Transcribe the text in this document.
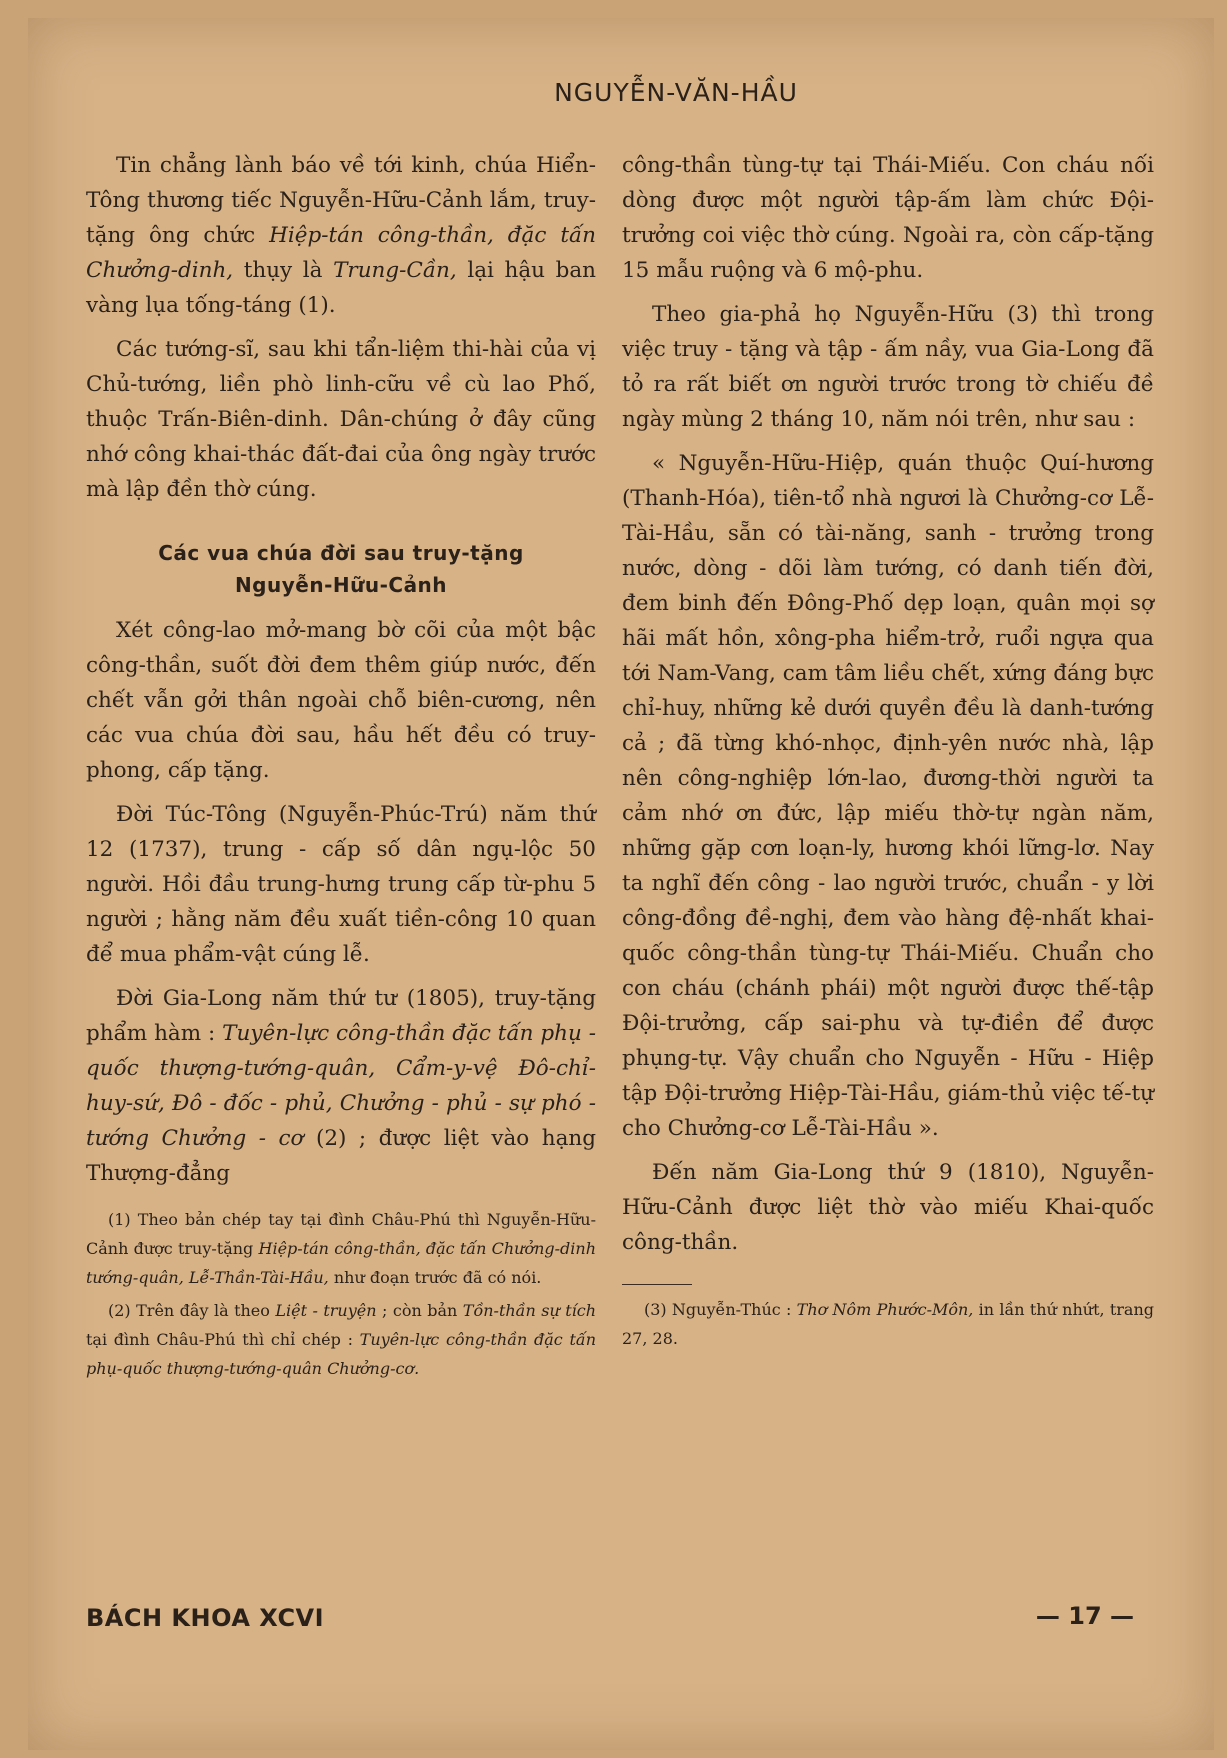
NGUYỄN-VĂN-HẦU

Tin chẳng lành báo về tới kinh, chúa Hiển-Tông thương tiếc Nguyễn-Hữu-Cảnh lắm, truy-tặng ông chức Hiệp-tán công-thần, đặc tấn Chưởng-dinh, thụy là Trung-Cần, lại hậu ban vàng lụa tống-táng (1).

Các tướng-sĩ, sau khi tẩn-liệm thi-hài của vị Chủ-tướng, liền phò linh-cữu về cù lao Phố, thuộc Trấn-Biên-dinh. Dân-chúng ở đây cũng nhớ công khai-thác đất-đai của ông ngày trước mà lập đền thờ cúng.

Các vua chúa đời sau truy-tặng
Nguyễn-Hữu-Cảnh

Xét công-lao mở-mang bờ cõi của một bậc công-thần, suốt đời đem thêm giúp nước, đến chết vẫn gởi thân ngoài chỗ biên-cương, nên các vua chúa đời sau, hầu hết đều có truy-phong, cấp tặng.

Đời Túc-Tông (Nguyễn-Phúc-Trú) năm thứ 12 (1737), trung - cấp số dân ngụ-lộc 50 người. Hồi đầu trung-hưng trung cấp từ-phu 5 người ; hằng năm đều xuất tiền-công 10 quan để mua phẩm-vật cúng lễ.

Đời Gia-Long năm thứ tư (1805), truy-tặng phẩm hàm : Tuyên-lực công-thần đặc tấn phụ - quốc thượng-tướng-quân, Cẩm-y-vệ Đô-chỉ-huy-sứ, Đô - đốc - phủ, Chưởng - phủ - sự phó - tướng Chưởng - cơ (2) ; được liệt vào hạng Thượng-đẳng

(1) Theo bản chép tay tại đình Châu-Phú thì Nguyễn-Hữu-Cảnh được truy-tặng Hiệp-tán công-thần, đặc tấn Chưởng-dinh tướng-quân, Lễ-Thần-Tài-Hầu, như đoạn trước đã có nói.

(2) Trên đây là theo Liệt - truyện ; còn bản Tồn-thần sự tích tại đình Châu-Phú thì chỉ chép : Tuyên-lực công-thần đặc tấn phụ-quốc thượng-tướng-quân Chưởng-cơ.

công-thần tùng-tự tại Thái-Miếu. Con cháu nối dòng được một người tập-ấm làm chức Đội-trưởng coi việc thờ cúng. Ngoài ra, còn cấp-tặng 15 mẫu ruộng và 6 mộ-phu.

Theo gia-phả họ Nguyễn-Hữu (3) thì trong việc truy - tặng và tập - ấm nầy, vua Gia-Long đã tỏ ra rất biết ơn người trước trong tờ chiếu đề ngày mùng 2 tháng 10, năm nói trên, như sau :

« Nguyễn-Hữu-Hiệp, quán thuộc Quí-hương (Thanh-Hóa), tiên-tổ nhà ngươi là Chưởng-cơ Lễ-Tài-Hầu, sẵn có tài-năng, sanh - trưởng trong nước, dòng - dõi làm tướng, có danh tiến đời, đem binh đến Đông-Phố dẹp loạn, quân mọi sợ hãi mất hồn, xông-pha hiểm-trở, ruổi ngựa qua tới Nam-Vang, cam tâm liều chết, xứng đáng bực chỉ-huy, những kẻ dưới quyền đều là danh-tướng cả ; đã từng khó-nhọc, định-yên nước nhà, lập nên công-nghiệp lớn-lao, đương-thời người ta cảm nhớ ơn đức, lập miếu thờ-tự ngàn năm, những gặp cơn loạn-ly, hương khói lững-lơ. Nay ta nghĩ đến công - lao người trước, chuẩn - y lời công-đồng đề-nghị, đem vào hàng đệ-nhất khai-quốc công-thần tùng-tự Thái-Miếu. Chuẩn cho con cháu (chánh phái) một người được thế-tập Đội-trưởng, cấp sai-phu và tự-điền để được phụng-tự. Vậy chuẩn cho Nguyễn - Hữu - Hiệp tập Đội-trưởng Hiệp-Tài-Hầu, giám-thủ việc tế-tự cho Chưởng-cơ Lễ-Tài-Hầu ».

Đến năm Gia-Long thứ 9 (1810), Nguyễn-Hữu-Cảnh được liệt thờ vào miếu Khai-quốc công-thần.

(3) Nguyễn-Thúc : Thơ Nôm Phước-Môn, in lần thứ nhứt, trang 27, 28.

BÁCH KHOA XCVI	— 17 —
